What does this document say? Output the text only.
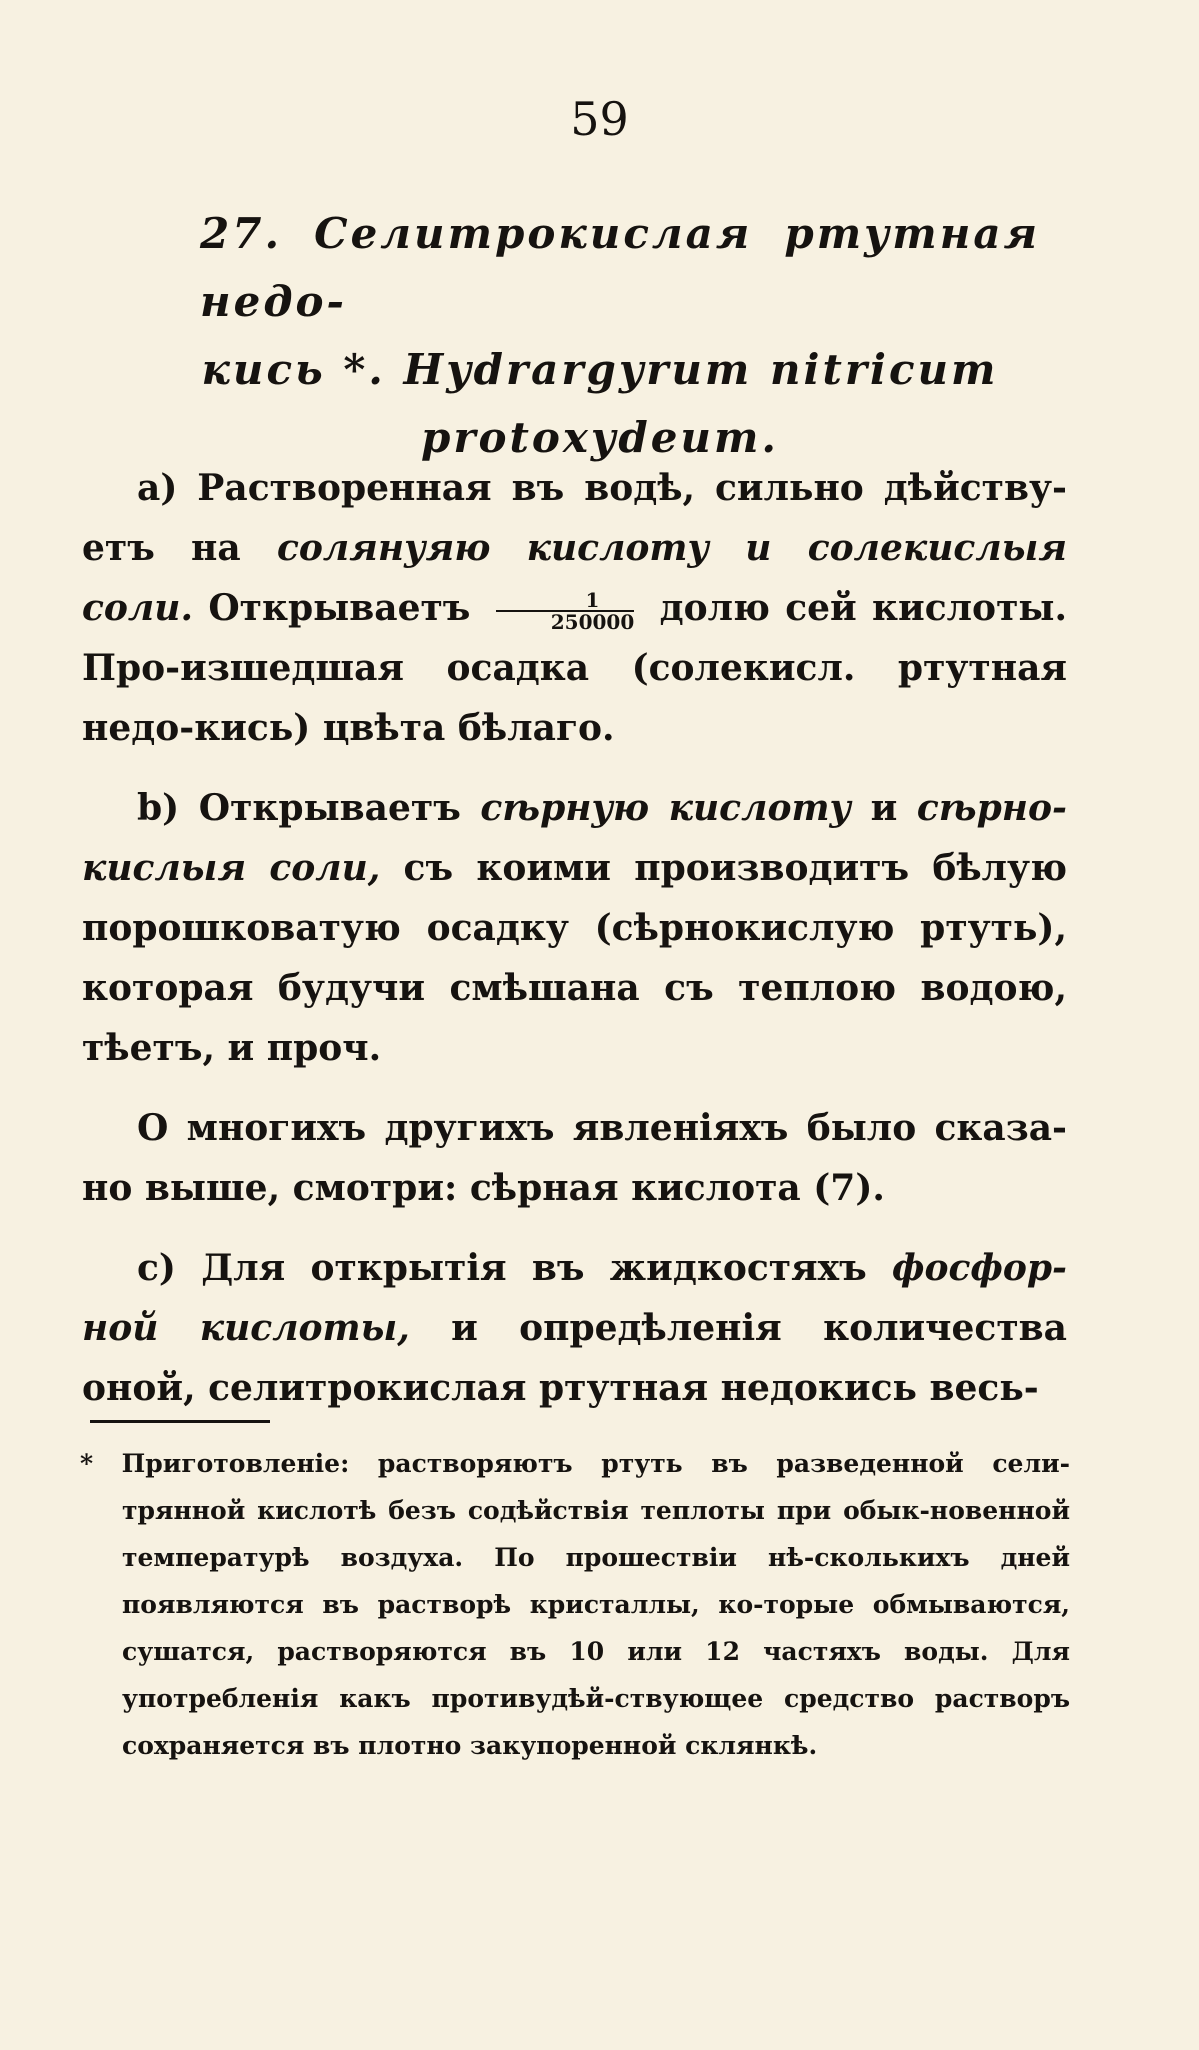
59
27. Селитрокислая ртутная недо-
кись *. Hydrargyrum nitricum
protoxydeum.

а) Растворенная въ водѣ, сильно дѣйству-етъ на солянуяю кислоту и солекислыя соли. Открываетъ $\frac{1}{250000}$ долю сей кислоты. Про-изшедшая осадка (солекисл. ртутная недо-кись) цвѣта бѣлаго.

b) Открываетъ сѣрную кислоту и сѣрно-кислыя соли, съ коими производитъ бѣлую порошковатую осадку (сѣрнокислую ртуть), которая будучи смѣшана съ теплою водою, тѣетъ, и проч.

О многихъ другихъ явленіяхъ было сказа-но выше, смотри: сѣрная кислота (7).

с) Для открытія въ жидкостяхъ фосфор-ной кислоты, и опредѣленія количества оной, селитрокислая ртутная недокись весь-

* Приготовленіе: растворяютъ ртуть въ разведенной сели-трянной кислотѣ безъ содѣйствія теплоты при обык-новенной температурѣ воздуха. По прошествіи нѣ-сколькихъ дней появляются въ растворѣ кристаллы, ко-торые обмываются, сушатся, растворяются въ 10 или 12 частяхъ воды. Для употребленія какъ противудѣй-ствующее средство растворъ сохраняется въ плотно закупоренной склянкѣ.
